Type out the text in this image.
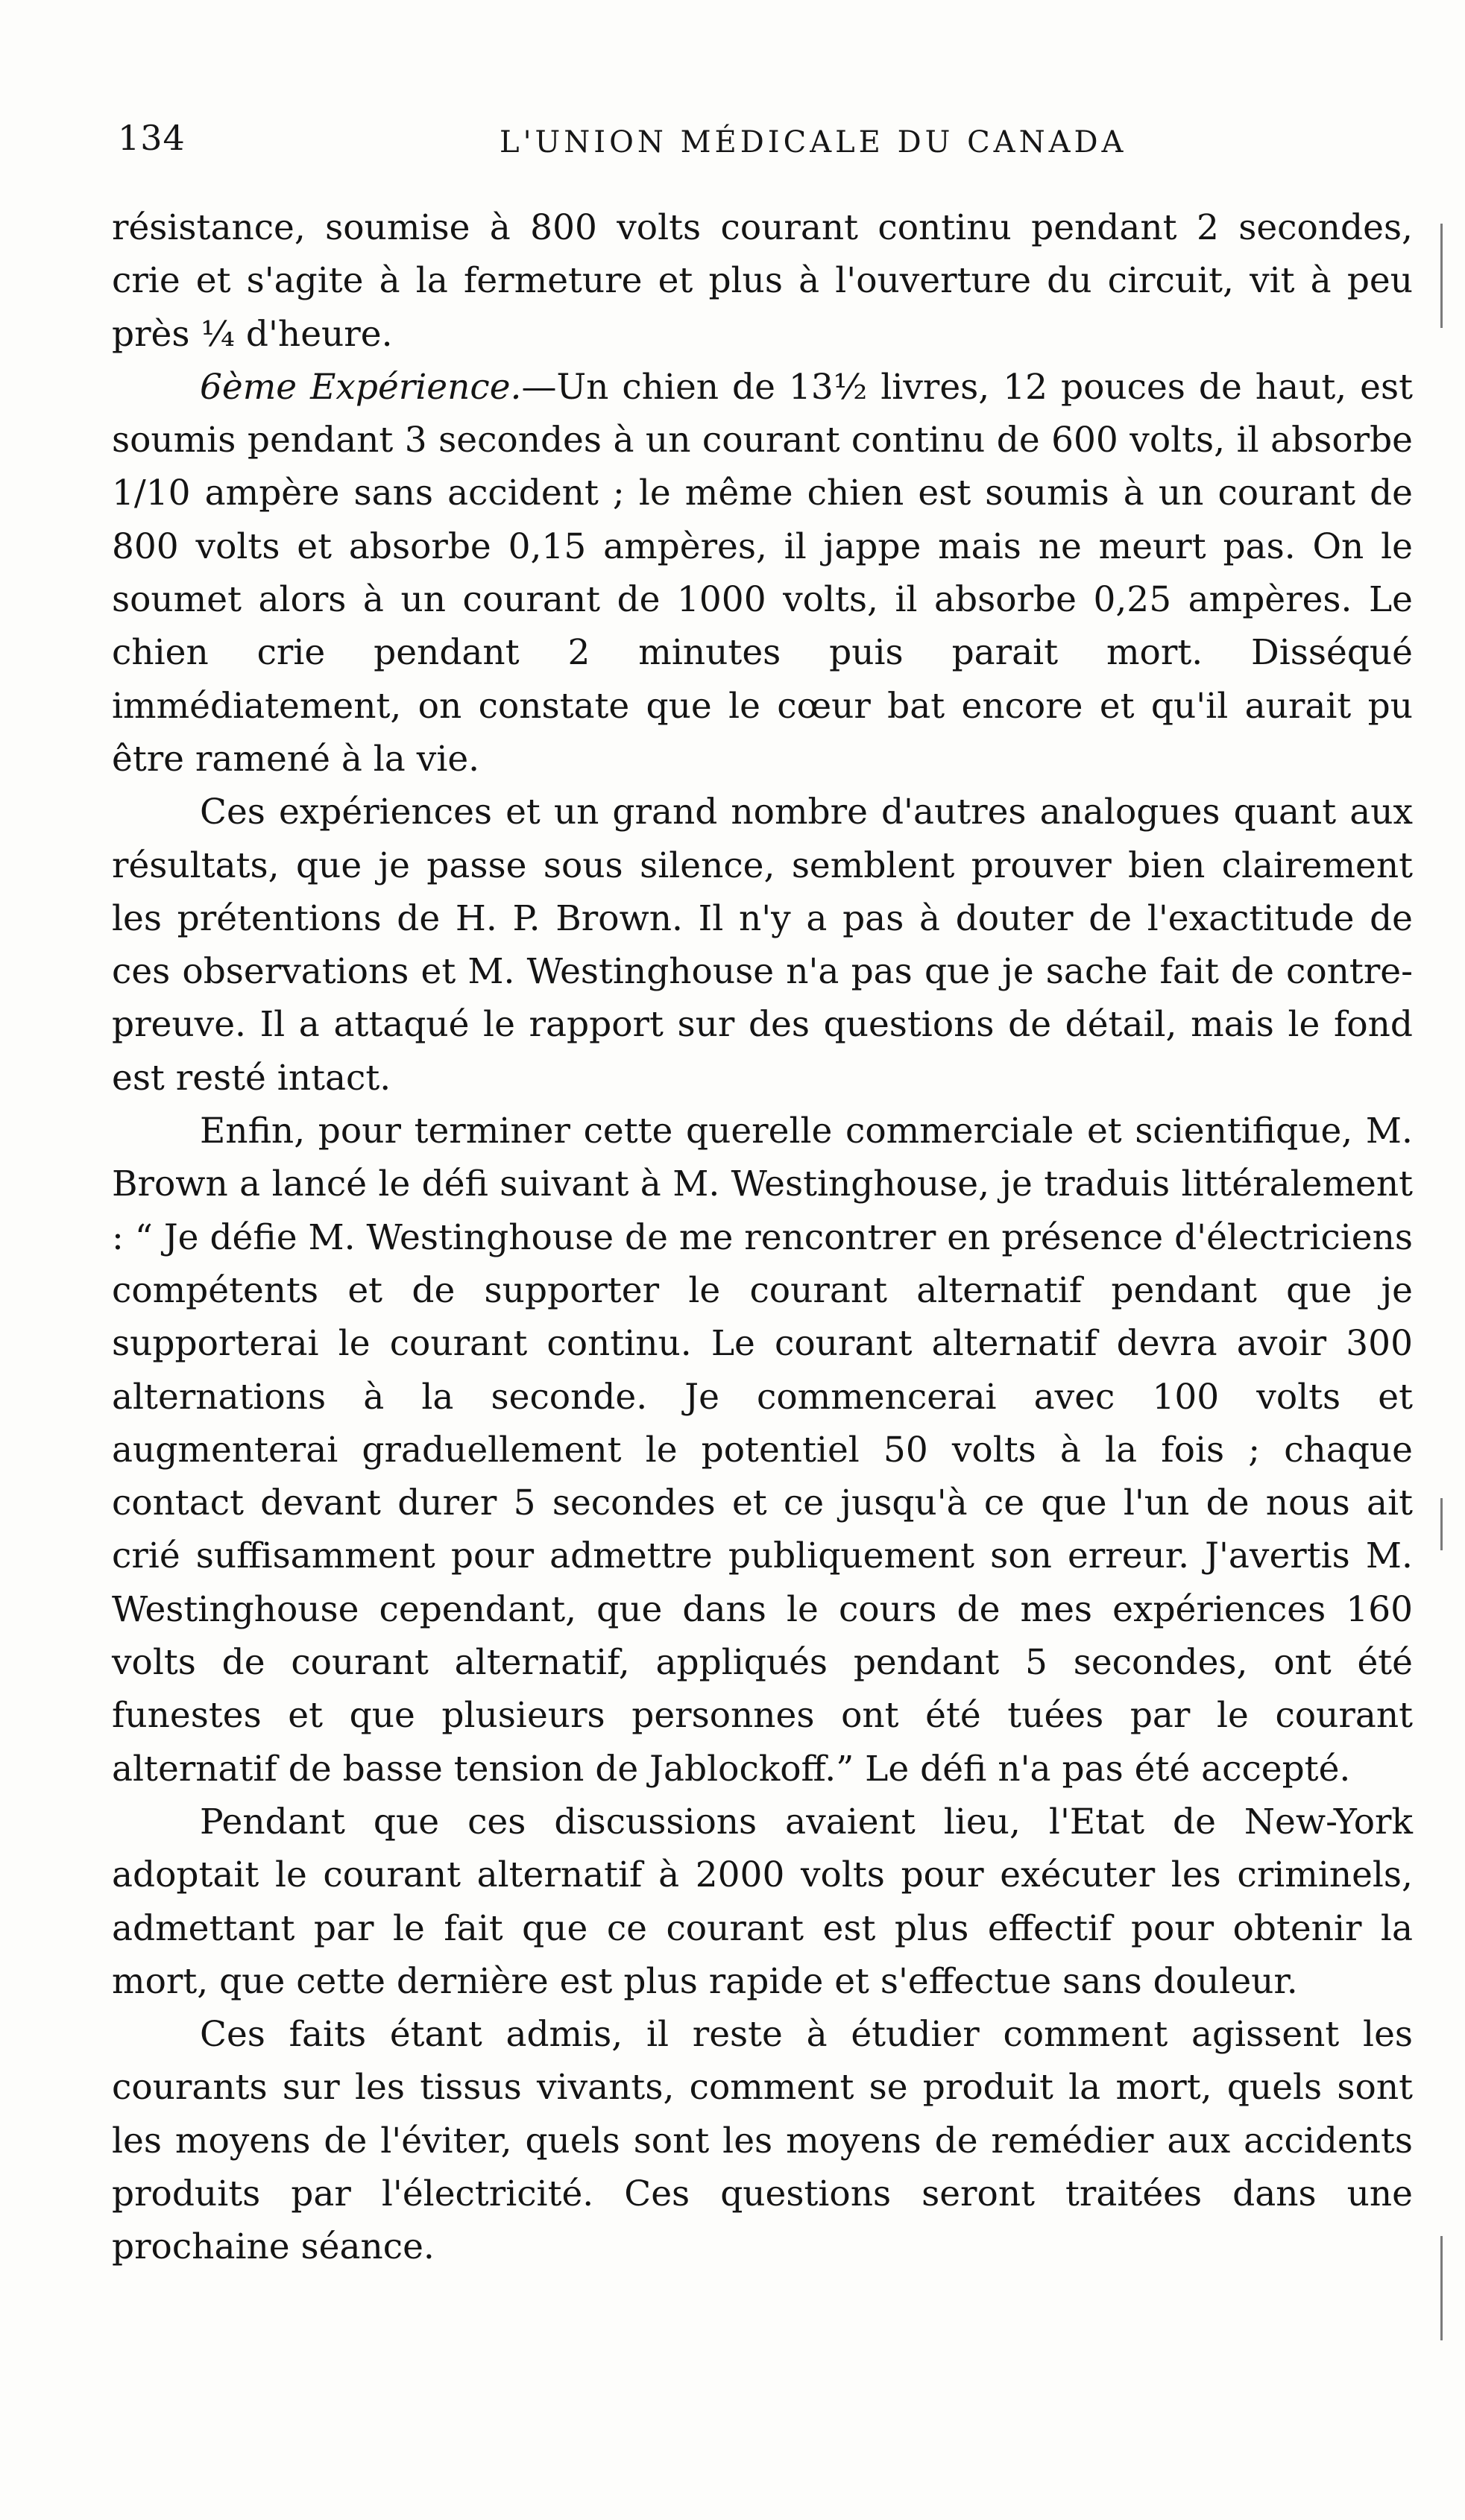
134	L'UNION MÉDICALE DU CANADA

résistance, soumise à 800 volts courant continu pendant 2 secondes, crie et s'agite à la fermeture et plus à l'ouverture du circuit, vit à peu près ¼ d'heure.

6ème Expérience.—Un chien de 13½ livres, 12 pouces de haut, est soumis pendant 3 secondes à un courant continu de 600 volts, il absorbe 1/10 ampère sans accident ; le même chien est soumis à un courant de 800 volts et absorbe 0,15 ampères, il jappe mais ne meurt pas. On le soumet alors à un courant de 1000 volts, il absorbe 0,25 ampères. Le chien crie pendant 2 minutes puis parait mort. Disséqué immédiatement, on constate que le cœur bat encore et qu'il aurait pu être ramené à la vie.

Ces expériences et un grand nombre d'autres analogues quant aux résultats, que je passe sous silence, semblent prouver bien clairement les prétentions de H. P. Brown. Il n'y a pas à douter de l'exactitude de ces observations et M. Westinghouse n'a pas que je sache fait de contre-preuve. Il a attaqué le rapport sur des questions de détail, mais le fond est resté intact.

Enfin, pour terminer cette querelle commerciale et scientifique, M. Brown a lancé le défi suivant à M. Westinghouse, je traduis littéralement : “ Je défie M. Westinghouse de me rencontrer en présence d'électriciens compétents et de supporter le courant alternatif pendant que je supporterai le courant continu. Le courant alternatif devra avoir 300 alternations à la seconde. Je commencerai avec 100 volts et augmenterai graduellement le potentiel 50 volts à la fois ; chaque contact devant durer 5 secondes et ce jusqu'à ce que l'un de nous ait crié suffisamment pour admettre publiquement son erreur. J'avertis M. Westinghouse cependant, que dans le cours de mes expériences 160 volts de courant alternatif, appliqués pendant 5 secondes, ont été funestes et que plusieurs personnes ont été tuées par le courant alternatif de basse tension de Jablockoff.” Le défi n'a pas été accepté.

Pendant que ces discussions avaient lieu, l'Etat de New-York adoptait le courant alternatif à 2000 volts pour exécuter les criminels, admettant par le fait que ce courant est plus effectif pour obtenir la mort, que cette dernière est plus rapide et s'effectue sans douleur.

Ces faits étant admis, il reste à étudier comment agissent les courants sur les tissus vivants, comment se produit la mort, quels sont les moyens de l'éviter, quels sont les moyens de remédier aux accidents produits par l'électricité. Ces questions seront traitées dans une prochaine séance.
